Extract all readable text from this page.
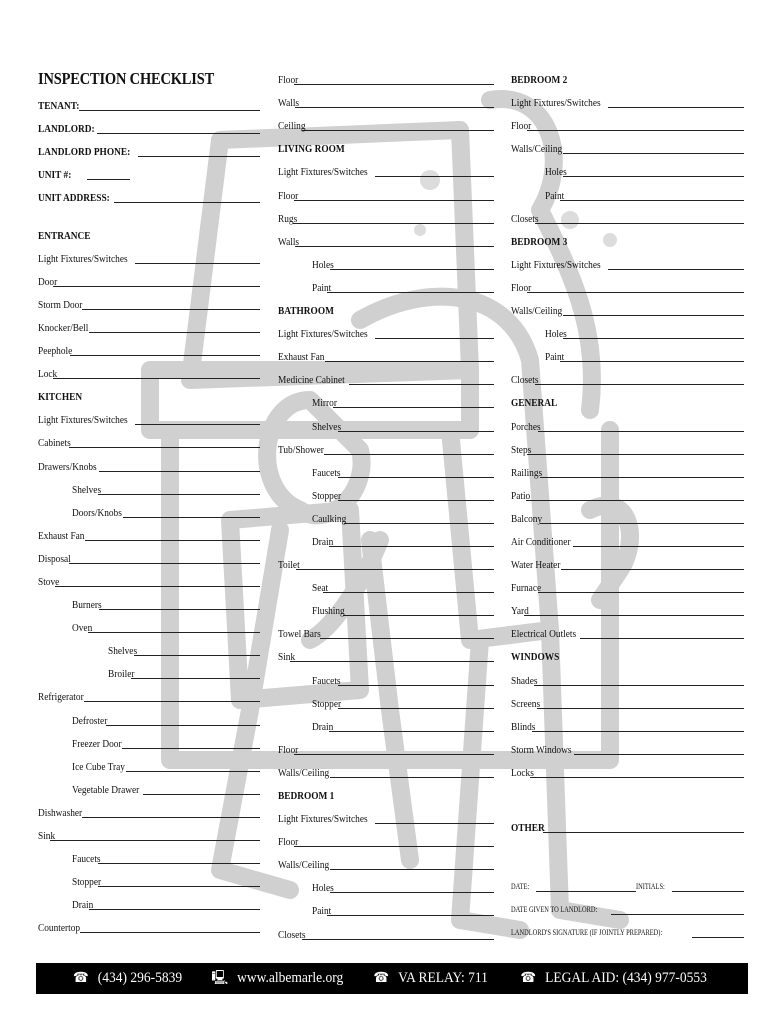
INSPECTION CHECKLIST
TENANT:
LANDLORD:
LANDLORD PHONE:
UNIT #:
UNIT ADDRESS:
ENTRANCE
Light Fixtures/Switches
Door
Storm Door
Knocker/Bell
Peephole
Lock
KITCHEN
Light Fixtures/Switches
Cabinets
Drawers/Knobs
Shelves
Doors/Knobs
Exhaust Fan
Disposal
Stove
Burners
Oven
Shelves
Broiler
Refrigerator
Defroster
Freezer Door
Ice Cube Tray
Vegetable Drawer
Dishwasher
Sink
Faucets
Stopper
Drain
Countertop
Floor
Walls
Ceiling
LIVING ROOM
Light Fixtures/Switches
Floor
Rugs
Walls
Holes
Paint
BATHROOM
Light Fixtures/Switches
Exhaust Fan
Medicine Cabinet
Mirror
Shelves
Tub/Shower
Faucets
Stopper
Caulking
Drain
Toilet
Seat
Flushing
Towel Bars
Sink
Faucets
Stopper
Drain
Floor
Walls/Ceiling
BEDROOM 1
Light Fixtures/Switches
Floor
Walls/Ceiling
Holes
Paint
Closets
BEDROOM 2
Light Fixtures/Switches
Floor
Walls/Ceiling
Holes
Paint
Closets
BEDROOM 3
Light Fixtures/Switches
Floor
Walls/Ceiling
Holes
Paint
Closets
GENERAL
Porches
Steps
Railings
Patio
Balcony
Air Conditioner
Water Heater
Furnace
Yard
Electrical Outlets
WINDOWS
Shades
Screens
Blinds
Storm Windows
Locks
OTHER
DATE:	INITIALS:
DATE GIVEN TO LANDLORD:
LANDLORD'S SIGNATURE (IF JOINTLY PREPARED):
☎ (434) 296-5839 🖳 www.albemarle.org ☎ VA RELAY: 711 ☎ LEGAL AID: (434) 977-0553
